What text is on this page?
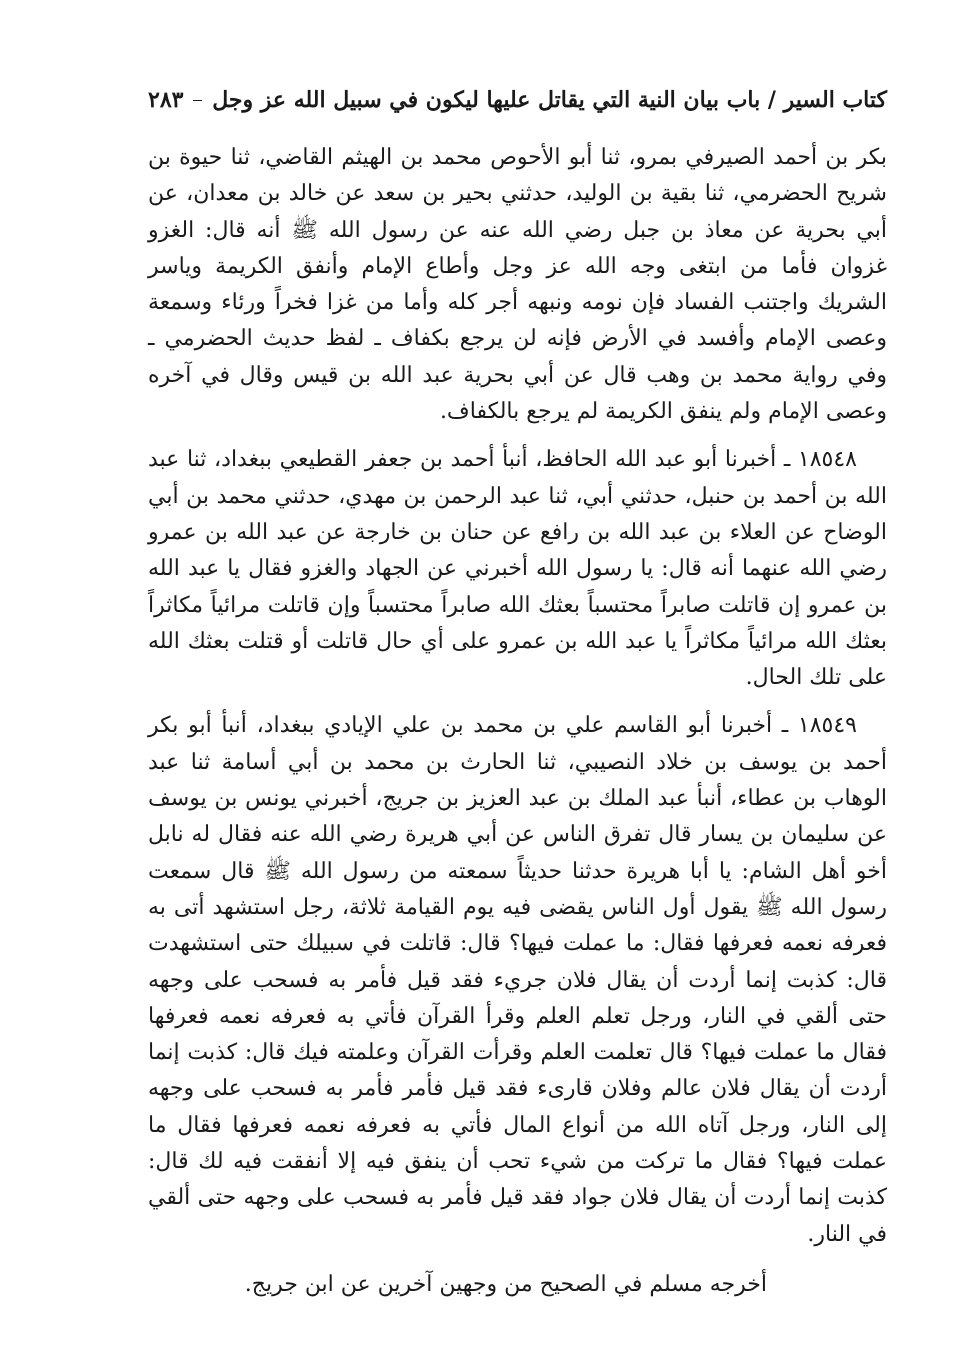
كتاب السير / باب بيان النية التي يقاتل عليها ليكون في سبيل الله عز وجل
٢٨٣

بكر بن أحمد الصيرفي بمرو، ثنا أبو الأحوص محمد بن الهيثم القاضي، ثنا حيوة بن شريح الحضرمي، ثنا بقية بن الوليد، حدثني بحير بن سعد عن خالد بن معدان، عن أبي بحرية عن معاذ بن جبل رضي الله عنه عن رسول الله ﷺ أنه قال: الغزو غزوان فأما من ابتغى وجه الله عز وجل وأطاع الإمام وأنفق الكريمة وياسر الشريك واجتنب الفساد فإن نومه ونبهه أجر كله وأما من غزا فخراً ورئاء وسمعة وعصى الإمام وأفسد في الأرض فإنه لن يرجع بكفاف ـ لفظ حديث الحضرمي ـ وفي رواية محمد بن وهب قال عن أبي بحرية عبد الله بن قيس وقال في آخره وعصى الإمام ولم ينفق الكريمة لم يرجع بالكفاف.

١٨٥٤٨ ـ أخبرنا أبو عبد الله الحافظ، أنبأ أحمد بن جعفر القطيعي ببغداد، ثنا عبد الله بن أحمد بن حنبل، حدثني أبي، ثنا عبد الرحمن بن مهدي، حدثني محمد بن أبي الوضاح عن العلاء بن عبد الله بن رافع عن حنان بن خارجة عن عبد الله بن عمرو رضي الله عنهما أنه قال: يا رسول الله أخبرني عن الجهاد والغزو فقال يا عبد الله بن عمرو إن قاتلت صابراً محتسباً بعثك الله صابراً محتسباً وإن قاتلت مرائياً مكاثراً بعثك الله مرائياً مكاثراً يا عبد الله بن عمرو على أي حال قاتلت أو قتلت بعثك الله على تلك الحال.

١٨٥٤٩ ـ أخبرنا أبو القاسم علي بن محمد بن علي الإيادي ببغداد، أنبأ أبو بكر أحمد بن يوسف بن خلاد النصيبي، ثنا الحارث بن محمد بن أبي أسامة ثنا عبد الوهاب بن عطاء، أنبأ عبد الملك بن عبد العزيز بن جريج، أخبرني يونس بن يوسف عن سليمان بن يسار قال تفرق الناس عن أبي هريرة رضي الله عنه فقال له نابل أخو أهل الشام: يا أبا هريرة حدثنا حديثاً سمعته من رسول الله ﷺ قال سمعت رسول الله ﷺ يقول أول الناس يقضى فيه يوم القيامة ثلاثة، رجل استشهد أتى به فعرفه نعمه فعرفها فقال: ما عملت فيها؟ قال: قاتلت في سبيلك حتى استشهدت قال: كذبت إنما أردت أن يقال فلان جريء فقد قيل فأمر به فسحب على وجهه حتى ألقي في النار، ورجل تعلم العلم وقرأ القرآن فأتي به فعرفه نعمه فعرفها فقال ما عملت فيها؟ قال تعلمت العلم وقرأت القرآن وعلمته فيك قال: كذبت إنما أردت أن يقال فلان عالم وفلان قارىء فقد قيل فأمر فأمر به فسحب على وجهه إلى النار، ورجل آتاه الله من أنواع المال فأتي به فعرفه نعمه فعرفها فقال ما عملت فيها؟ فقال ما تركت من شيء تحب أن ينفق فيه إلا أنفقت فيه لك قال: كذبت إنما أردت أن يقال فلان جواد فقد قيل فأمر به فسحب على وجهه حتى ألقي في النار.

أخرجه مسلم في الصحيح من وجهين آخرين عن ابن جريج.
